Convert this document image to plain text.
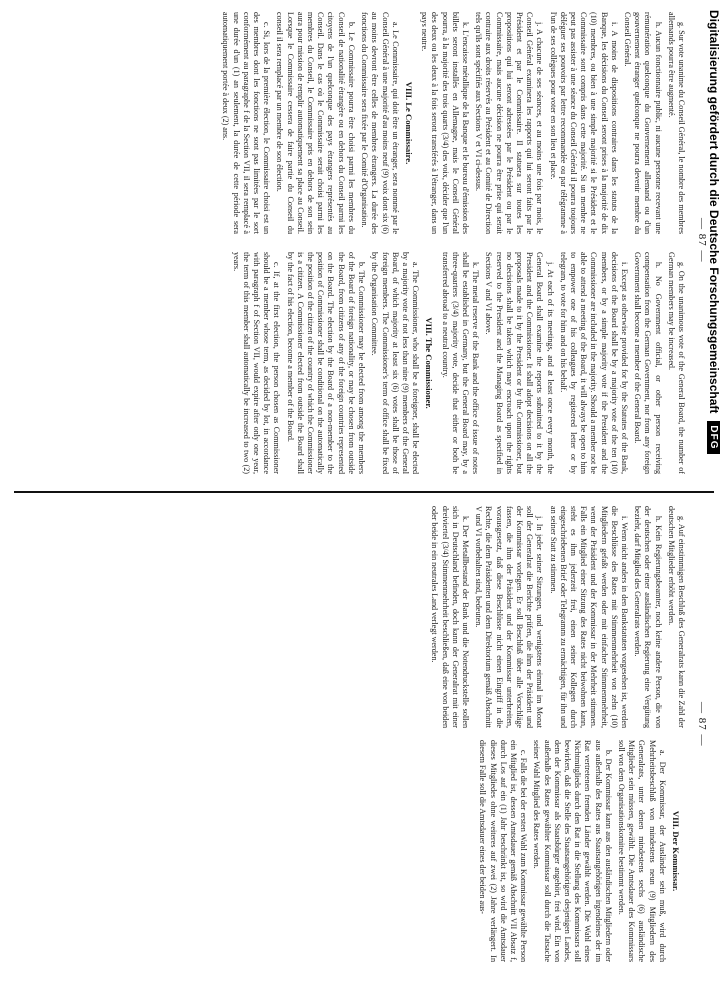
— 87 —

g. Sur vote unanime du Conseil Général, le nombre des membres allemands pourra être augmenté.

h. Aucun fonctionnaire public, ni aucune personne recevant une rémunération quelconque du Gouvernement allemand ou d'un gouvernement étranger quelconque ne pourra devenir membre du Conseil Général.

i. A moins de dispositions contraires dans les statuts de la Banque, les décisions du Conseil seront prises à la majorité de dix (10) membres, ou bien à une simple majorité si le Président et le Commissaire sont compris dans cette majorité. Si un membre ne peut pas assister à une séance du Conseil Général il pourra toujours déléguer ses pouvoirs par lettre recommandée ou par télégramme à l'un de ses collègues pour voter en son lieu et place.

j. A chacune de ses séances, et au moins une fois par mois, le Conseil Général examinera les rapports qui lui seront faits par le Président et par le Commissaire. Il statuera sur toutes les propositions qui lui seront adressées par le Président ou par le Commissaire, mais aucune décision ne pourra être prise qui serait contraire aux droits réservés au Président et au Comité de Direction tels qu'ils sont spécifiés aux Sections V et VI ci-dessus.

k. L'encaisse métallique de la Banque et le bureau d'émission des billets seront installés en Allemagne, mais le Conseil Général pourra, à la majorité des trois quarts (3/4) des voix, décider que l'un des deux ou les deux à la fois seront transférés à l'étranger, dans un pays neutre.

VIII. Le Commissaire.

a. Le Commissaire, qui doit être un étranger, sera nommé par le Conseil Général à une majorité d'au moins neuf (9) voix dont six (6) au moins devront être celles de membres étrangers. La durée des fonctions du Commissaire sera fixée par le Comité d'Organisation.

b. Le Commissaire pourra être choisi parmi les membres du Conseil de nationalité étrangère ou en dehors du Conseil parmi les citoyens de l'un quelconque des pays étrangers représentés au Conseil. Dans le cas où le Commissaire serait choisi parmi les membres du Conseil, le Commissaire pris en dehors de son sein aura pour mission de remplir automatiquement sa place au Conseil. Lorsque le Commissaire cessera de faire partie du Conseil du conseil il sera remplacé par un membre de son élection.

c. Si, lors de la première élection, le Commissaire choisi est un des membres dont les fonctions ne sont pas limitées par le sort conformément au paragraphe f de la Section VII, il sera remplacé à une durée d'un (1) an seulement, la durée de cette période sera automatiquement portée à deux (2) ans.

g. On the unanimous vote of the General Board, the number of German members may be increased.

h. No Government official, or other person receiving compensation from the German Government, nor from any foreign Government shall become a member of the General Board.

i. Except as otherwise provided for by the Statutes of the Bank, decisions of the Board shall be by a majority vote of the ten (10) members, or by a simple majority vote if the President and the Commissioner are included in the majority. Should a member not be able to attend a meeting of the Board, it will always be open to him to empower one of his colleagues by registered letter or by telegram, to vote for him and on his behalf.

j. At each of its meetings, and at least once every month, the General Board shall examine the reports submitted to it by the President and the Commissioner. It shall adopt decisions on all the proposals made to it by the President or by the Commissioner, but no decisions shall be taken which may encroach upon the rights reserved to the President and the Managing Board as specified in Sections V and VI above.

k. The metal reserve of the Bank and the office of issue of notes shall be established in Germany, but the General Board may, by a three-quarters (3/4) majority vote, decide that either or both be transferred abroad to a neutral country.

VIII. The Commissioner.

a. The Commissioner, who shall be a foreigner, shall be elected by a majority vote of not less than nine (9) members of the General Board, of which majority at least six (6) votes shall be those of foreign members. The Commissioner's term of office shall be fixed by the Organisation Committee.

b. The Commissioner may be elected from among the members of the Board of foreign nationality, or may be chosen from outside the Board, from citizens of any of the foreign countries represented on the Board. The election by the Board of a non-member to the position of Commissioner shall be conditional on the automatically the position of the citizen of the country of which the Commissioner is a citizen. A Commissioner elected from outside the Board shall by the fact of his election, become a member of the Board.

c. If, at the first election, the person chosen as Commissioner should be a member whose term, as decided by lot, in accordance with paragraph f of Section VII, would expire after only one year, the term of this member shall automatically be increased to two (2) years.

— 87 —

g. Auf einstimmigen Beschluß des Generalrats kann die Zahl der deutschen Mitglieder erhöht werden.

h. Kein Regierungsbeamter, noch keine andere Person, die von der deutschen oder einer ausländischen Regierung eine Vergütung bezieht, darf Mitglied des Generalrats werden.

i. Wenn nicht anders in den Bankstatuten vorgesehen ist, werden die Beschlüsse des Rates mit Stimmenmehrheit von zehn (10) Mitgliedern gefaßt werden oder mit einfacher Stimmenmehrheit, wenn der Präsident und der Kommissar in der Mehrheit stimmen. Falls ein Mitglied einer Sitzung des Rates nicht beiwohnen kann, steht es ihm jederzeit frei, einen seiner Kollegen durch eingeschriebenen Brief oder Telegramm zu ermächtigen, für ihn und an seiner Statt zu stimmen.

j. In jeder seiner Sitzungen, und wenigstens einmal im Monat soll der Generalrat die Berichte prüfen, die ihm der Präsident und der Kommissar vorlegen. Er soll Beschluß über alle Vorschläge fassen, die ihm der Präsident und der Kommissar unterbreiten, vorausgesetzt, daß diese Beschlüsse nicht einen Eingriff in die Rechte, die dem Präsidenten und dem Direktorium gemäß Abschnitt V und VI vorbehalten sind, bedeuten.

k. Der Metallbestand der Bank und die Notendruckstelle sollen sich in Deutschland befinden, doch kann der Generalrat mit einer dreiviertel (3/4) Stimmenmehrheit beschließen, daß eine von beiden oder beide in ein neutrales Land verlegt werden.

VIII. Der Kommissar.

a. Der Kommissar, der Ausländer sein muß, wird durch Mehrheitsbeschluß von mindestens neun (9) Mitgliedern des Generalrats, unter denen mindestens sechs (6) ausländische Mitglieder sein müssen, gewählt. Die Amtsdauer des Kommissars soll von dem Organisationskomitee bestimmt werden.

b. Der Kommissar kann aus den ausländischen Mitgliedern oder aus außerhalb des Rates aus Staatsangehörigen irgendeines der im Rat vertretenen fremden Länder gewählt werden. Die Wahl eines Nichtmitglieds durch den Rat in die Stellung des Kommissars soll bewirken, daß die Stelle des Staatsangehörigen desjenigen Landes, dem der Kommissar als Staatsbürger angehört, frei wird. Ein von außerhalb des Rates gewählter Kommissar soll durch die Tatsache seiner Wahl Mitglied des Rates werden.

c. Falls die bei der ersten Wahl zum Kommissar gewählte Person ein Mitglied ist, dessen Amtsdauer gemäß Abschnitt VII Absatz f, durch Los auf ein (1) Jahr beschränkt ist, so wird die Amtsdauer dieses Mitgliedes ohne weiteres auf zwei (2) Jahre verlängert. In diesem Falle soll die Amtsdauer eines der beiden aus-

Digitalisierung gefördert durch die Deutsche Forschungsgemeinschaft
DFG
